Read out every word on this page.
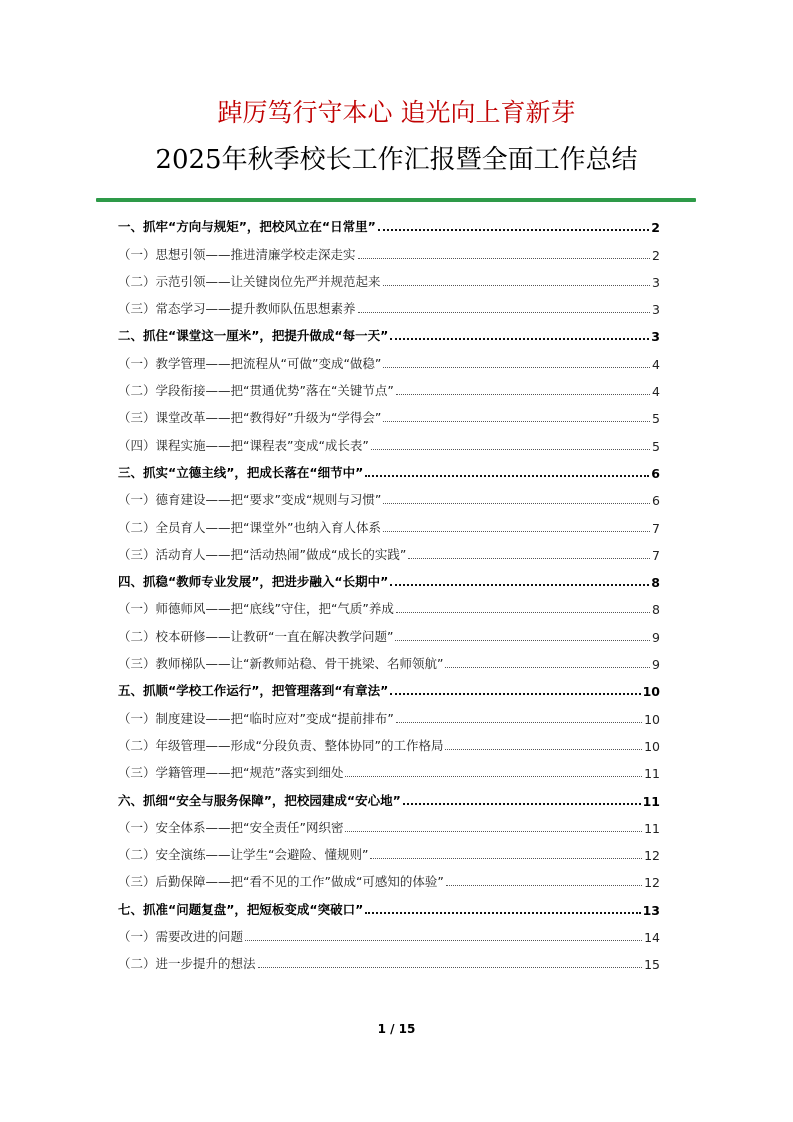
踔厉笃行守本心 追光向上育新芽
2025年秋季校长工作汇报暨全面工作总结
一、抓牢“方向与规矩”，把校风立在“日常里”	2
（一）思想引领——推进清廉学校走深走实	2
（二）示范引领——让关键岗位先严并规范起来	3
（三）常态学习——提升教师队伍思想素养	3
二、抓住“课堂这一厘米”，把提升做成“每一天”	3
（一）教学管理——把流程从“可做”变成“做稳”	4
（二）学段衔接——把“贯通优势”落在“关键节点”	4
（三）课堂改革——把“教得好”升级为“学得会”	5
（四）课程实施——把“课程表”变成“成长表”	5
三、抓实“立德主线”，把成长落在“细节中”	6
（一）德育建设——把“要求”变成“规则与习惯”	6
（二）全员育人——把“课堂外”也纳入育人体系	7
（三）活动育人——把“活动热闹”做成“成长的实践”	7
四、抓稳“教师专业发展”，把进步融入“长期中”	8
（一）师德师风——把“底线”守住，把“气质”养成	8
（二）校本研修——让教研“一直在解决教学问题”	9
（三）教师梯队——让“新教师站稳、骨干挑梁、名师领航”	9
五、抓顺“学校工作运行”，把管理落到“有章法”	10
（一）制度建设——把“临时应对”变成“提前排布”	10
（二）年级管理——形成“分段负责、整体协同”的工作格局	10
（三）学籍管理——把“规范”落实到细处	11
六、抓细“安全与服务保障”，把校园建成“安心地”	11
（一）安全体系——把“安全责任”网织密	11
（二）安全演练——让学生“会避险、懂规则”	12
（三）后勤保障——把“看不见的工作”做成“可感知的体验”	12
七、抓准“问题复盘”，把短板变成“突破口”	13
（一）需要改进的问题	14
（二）进一步提升的想法	15
1 / 15
